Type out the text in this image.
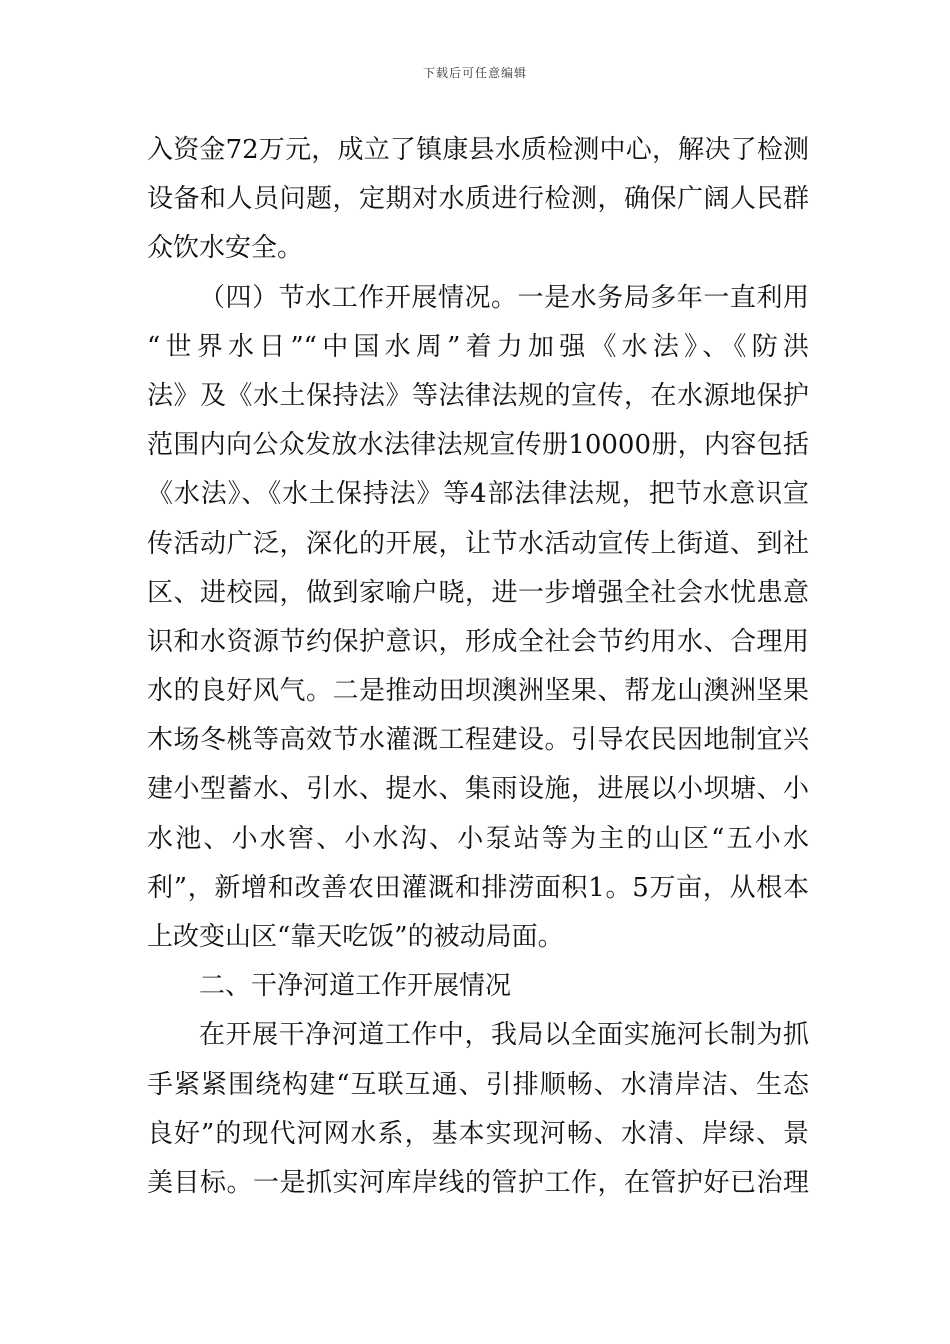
下载后可任意编辑
入资金72万元，成立了镇康县水质检测中心，解决了检测
设备和人员问题，定期对水质进行检测，确保广阔人民群
众饮水安全。
（四）节水工作开展情况。一是水务局多年一直利用
“世界水日”“中国水周”着力加强《水法》、《防洪
法》及《水土保持法》等法律法规的宣传，在水源地保护
范围内向公众发放水法律法规宣传册10000册，内容包括
《水法》、《水土保持法》等4部法律法规，把节水意识宣
传活动广泛，深化的开展，让节水活动宣传上街道、到社
区、进校园，做到家喻户晓，进一步增强全社会水忧患意
识和水资源节约保护意识，形成全社会节约用水、合理用
水的良好风气。二是推动田坝澳洲坚果、帮龙山澳洲坚果
木场冬桃等高效节水灌溉工程建设。引导农民因地制宜兴
建小型蓄水、引水、提水、集雨设施，进展以小坝塘、小
水池、小水窖、小水沟、小泵站等为主的山区“五小水
利”，新增和改善农田灌溉和排涝面积1。5万亩，从根本
上改变山区“靠天吃饭”的被动局面。
二、干净河道工作开展情况
在开展干净河道工作中，我局以全面实施河长制为抓
手紧紧围绕构建“互联互通、引排顺畅、水清岸洁、生态
良好”的现代河网水系，基本实现河畅、水清、岸绿、景
美目标。一是抓实河库岸线的管护工作，在管护好已治理
